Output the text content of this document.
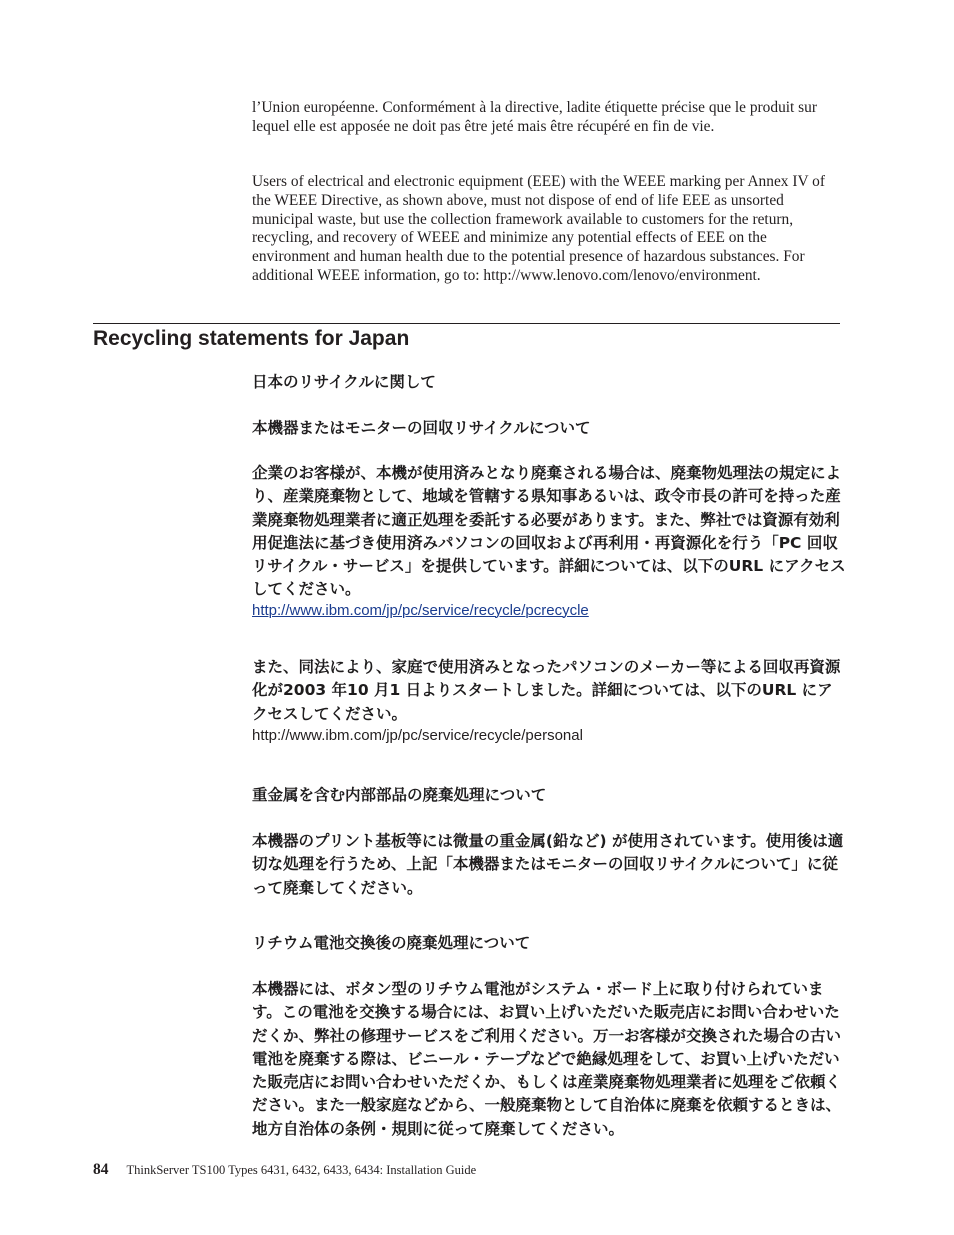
l’Union européenne. Conformément à la directive, ladite étiquette précise que le produit sur lequel elle est apposée ne doit pas être jeté mais être récupéré en fin de vie.

Users of electrical and electronic equipment (EEE) with the WEEE marking per Annex IV of the WEEE Directive, as shown above, must not dispose of end of life EEE as unsorted municipal waste, but use the collection framework available to customers for the return, recycling, and recovery of WEEE and minimize any potential effects of EEE on the environment and human health due to the potential presence of hazardous substances. For additional WEEE information, go to: http://www.lenovo.com/lenovo/environment.

Recycling statements for Japan

日本のリサイクルに関して

本機器またはモニターの回収リサイクルについて

企業のお客様が、本機が使用済みとなり廃棄される場合は、廃棄物処理法の規定により、産業廃棄物として、地域を管轄する県知事あるいは、政令市長の許可を持った産業廃棄物処理業者に適正処理を委託する必要があります。また、弊社では資源有効利用促進法に基づき使用済みパソコンの回収および再利用・再資源化を行う「PC 回収リサイクル・サービス」を提供しています。詳細については、以下のURL にアクセスしてください。

http://www.ibm.com/jp/pc/service/recycle/pcrecycle

また、同法により、家庭で使用済みとなったパソコンのメーカー等による回収再資源化が2003 年10 月1 日よりスタートしました。詳細については、以下のURL にアクセスしてください。

http://www.ibm.com/jp/pc/service/recycle/personal

重金属を含む内部部品の廃棄処理について

本機器のプリント基板等には微量の重金属(鉛など) が使用されています。使用後は適切な処理を行うため、上記「本機器またはモニターの回収リサイクルについて」に従って廃棄してください。

リチウム電池交換後の廃棄処理について

本機器には、ボタン型のリチウム電池がシステム・ボード上に取り付けられています。この電池を交換する場合には、お買い上げいただいた販売店にお問い合わせいただくか、弊社の修理サービスをご利用ください。万一お客様が交換された場合の古い電池を廃棄する際は、ビニール・テープなどで絶縁処理をして、お買い上げいただいた販売店にお問い合わせいただくか、もしくは産業廃棄物処理業者に処理をご依頼ください。また一般家庭などから、一般廃棄物として自治体に廃棄を依頼するときは、地方自治体の条例・規則に従って廃棄してください。

84 ThinkServer TS100 Types 6431, 6432, 6433, 6434: Installation Guide
